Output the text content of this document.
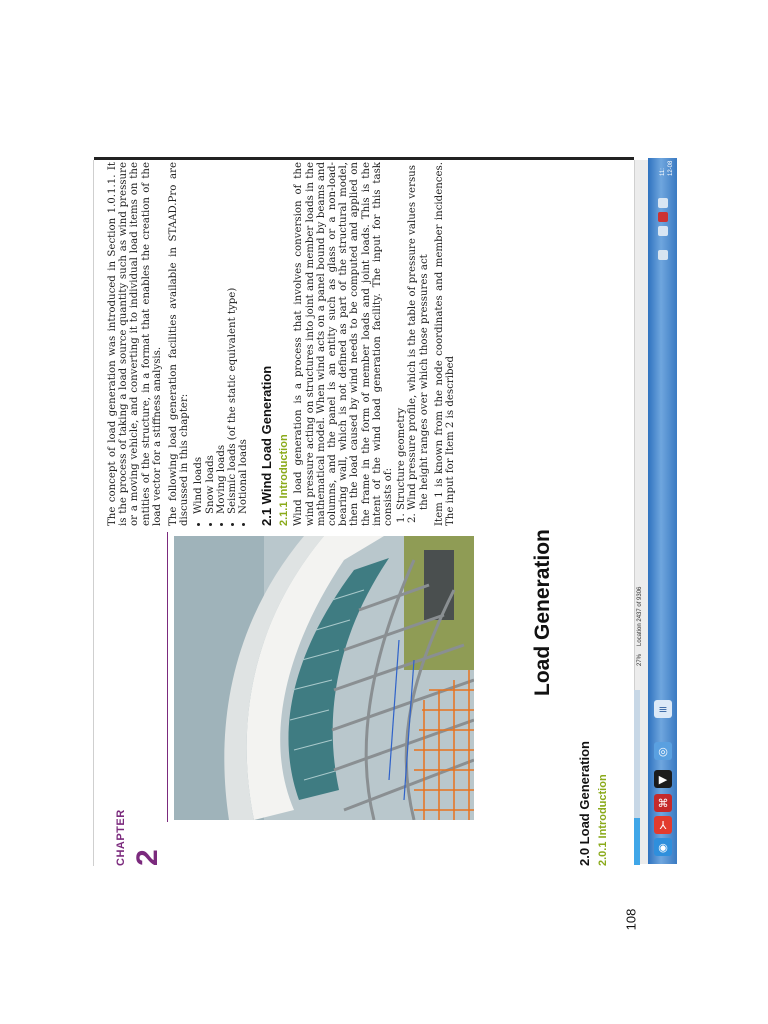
108
CHAPTER 2
Load Generation
2.0 Load Generation 2.0.1 Introduction

The concept of load generation was introduced in Section 1.0.1.1. It is the process of taking a load source quantity such as wind pressure or a moving vehicle, and converting it to individual load items on the entities of the structure, in a format that enables the creation of the load vector for a stiffness analysis. The following load generation facilities available in STAAD.Pro are discussed in this chapter: • Wind loads • Snow loads • Moving loads • Seismic loads (of the static equivalent type) • Notional loads 2.1 Wind Load Generation 2.1.1 Introduction Wind load generation is a process that involves conversion of the wind pressure acting on structures into joint and member loads in the mathematical model. When wind acts on a panel bound by beams and columns, and the panel is an entity such as glass or a non-load-bearing wall, which is not defined as part of the structural model, then the load caused by wind needs to be computed and applied on the frame in the form of member loads and joint loads. This is the intent of the wind load generation facility. The input for this task consists of: 1. Structure geometry 2. Wind pressure profile, which is the table of pressure values versus the height ranges over which those pressures act Item 1 is known from the node coordinates and member incidences. The input for Item 2 is described

27%
Location 2437 of 9306
◉
⅄
⌘
▶
◎
≡
11: 12-08
